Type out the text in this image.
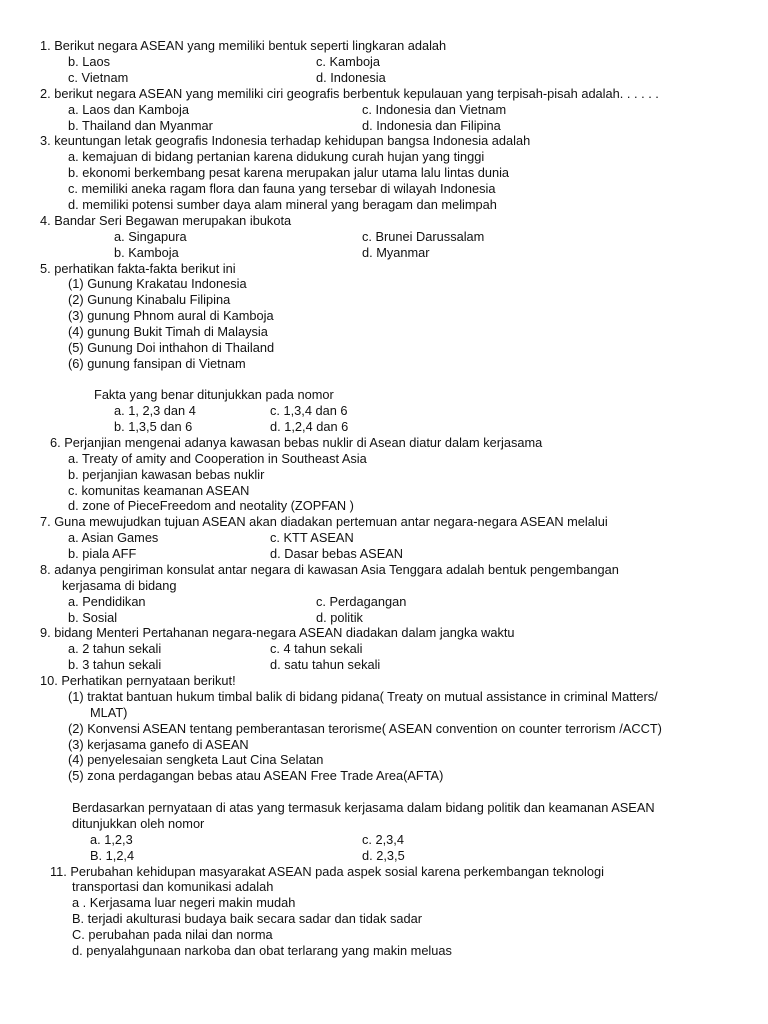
1. Berikut negara ASEAN yang memiliki bentuk seperti lingkaran adalah
b. Laos	c. Kamboja
c. Vietnam	d. Indonesia
2. berikut negara ASEAN yang memiliki ciri geografis berbentuk kepulauan yang terpisah-pisah adalah. . . . . .
a. Laos dan Kamboja	c. Indonesia dan Vietnam
b. Thailand dan Myanmar	d. Indonesia dan Filipina
3. keuntungan letak geografis Indonesia terhadap kehidupan bangsa Indonesia adalah
a. kemajuan di bidang pertanian karena didukung curah hujan yang tinggi
b. ekonomi berkembang pesat karena merupakan jalur utama lalu lintas dunia
c. memiliki aneka ragam flora dan fauna yang tersebar di wilayah Indonesia
d. memiliki potensi sumber daya alam mineral yang beragam dan melimpah
4. Bandar Seri Begawan merupakan ibukota
a. Singapura	c. Brunei Darussalam
b. Kamboja	d. Myanmar
5. perhatikan fakta-fakta berikut ini
(1) Gunung Krakatau Indonesia
(2) Gunung Kinabalu Filipina
(3) gunung Phnom aural di Kamboja
(4) gunung Bukit Timah di Malaysia
(5) Gunung Doi inthahon di Thailand
(6) gunung fansipan di Vietnam
Fakta yang benar ditunjukkan pada nomor
a. 1, 2,3 dan 4	c. 1,3,4 dan 6
b. 1,3,5 dan 6	d. 1,2,4 dan 6
6. Perjanjian mengenai adanya kawasan bebas nuklir di Asean diatur dalam kerjasama
a. Treaty of amity and Cooperation in Southeast Asia
b. perjanjian kawasan bebas nuklir
c. komunitas keamanan ASEAN
d. zone of PieceFreedom and neotality (ZOPFAN )
7. Guna mewujudkan tujuan ASEAN akan diadakan pertemuan antar negara-negara ASEAN melalui
a. Asian Games	c. KTT ASEAN
b. piala AFF	d. Dasar bebas ASEAN
8. adanya pengiriman konsulat antar negara di kawasan Asia Tenggara adalah bentuk pengembangan
kerjasama di bidang
a. Pendidikan	c. Perdagangan
b. Sosial	d. politik
9. bidang Menteri Pertahanan negara-negara ASEAN diadakan dalam jangka waktu
a. 2 tahun sekali	c. 4 tahun sekali
b. 3 tahun sekali	d. satu tahun sekali
10. Perhatikan pernyataan berikut!
(1) traktat bantuan hukum timbal balik di bidang pidana( Treaty on mutual assistance in criminal Matters/
MLAT)
(2) Konvensi ASEAN tentang pemberantasan terorisme( ASEAN convention on counter terrorism /ACCT)
(3) kerjasama ganefo di ASEAN
(4) penyelesaian sengketa Laut Cina Selatan
(5) zona perdagangan bebas atau ASEAN Free Trade Area(AFTA)
Berdasarkan pernyataan di atas yang termasuk kerjasama dalam bidang politik dan keamanan ASEAN
ditunjukkan oleh nomor
a. 1,2,3	c. 2,3,4
B. 1,2,4	d. 2,3,5
11. Perubahan kehidupan masyarakat ASEAN pada aspek sosial karena perkembangan teknologi
transportasi dan komunikasi adalah
a . Kerjasama luar negeri makin mudah
B. terjadi akulturasi budaya baik secara sadar dan tidak sadar
C. perubahan pada nilai dan norma
d. penyalahgunaan narkoba dan obat terlarang yang makin meluas
